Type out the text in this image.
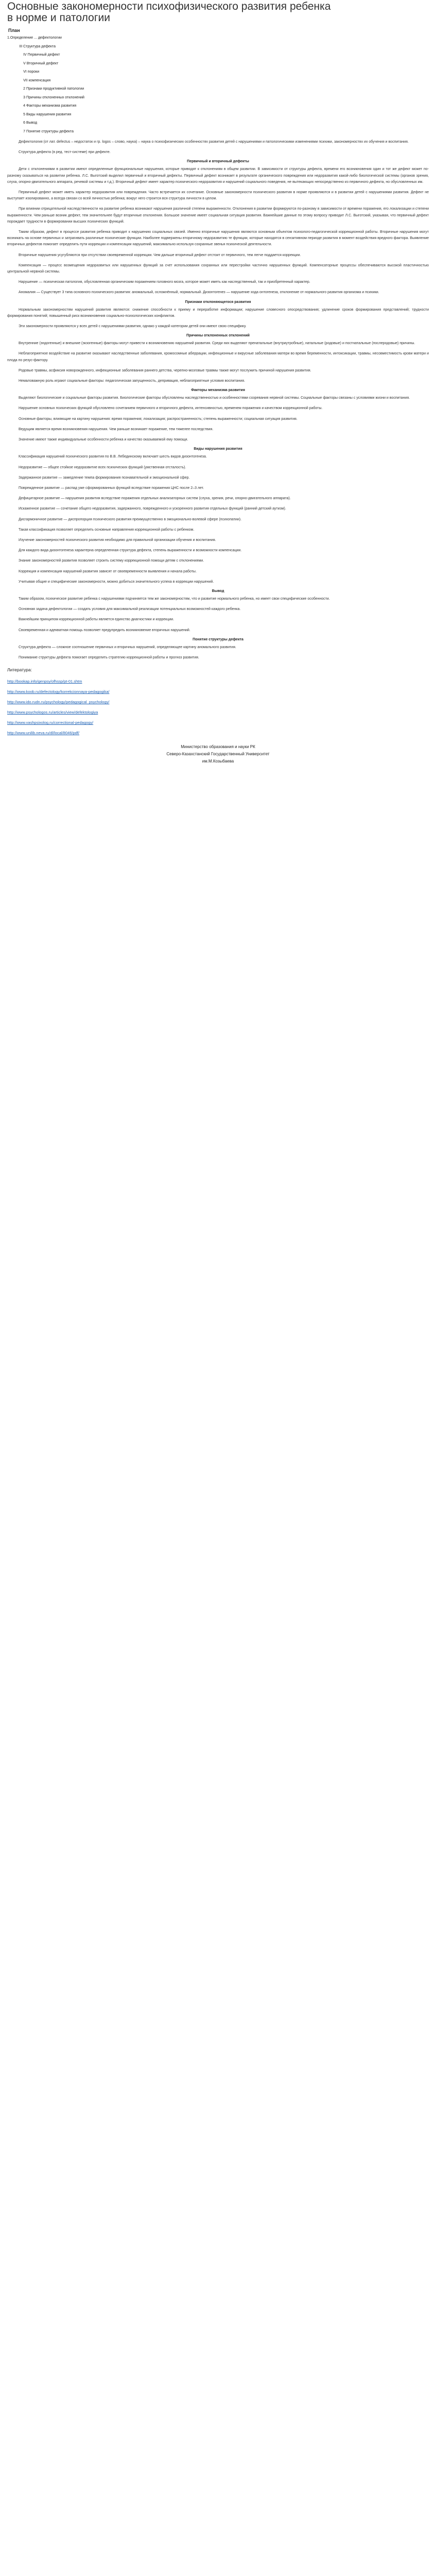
Основные закономерности психофизического развития ребенка
в норме и патологии
План
1.Определение ... дефектологии
III Структура дефекта
IV Первичный дефект
V Вторичный дефект
VI пороки
VII компенсация
2 Признаки продуктивной патологии
3 Причины отклоненных отклонений
4 Факторы механизма развития
5 Виды нарушения развития
6 Вывод
7 Понятие структуры дефекта

Дефектология (от лат. defectus – недостаток и гр. logos – слово, наука) – наука о психофизических особенностях развития детей с нарушениями и патологическими изменениями психики, закономерностях их обучения и воспитания.

Структура дефекта (в ред. тест-системе) при дефекте.

Первичный и вторичный дефекты

Дети с отклонениями в развитии имеют определенные функциональные нарушения, которые приводят к отклонениям в общем развитии. В зависимости от структуры дефекта, времени его возникновения один и тот же дефект может по-разному сказываться на развитии ребенка. Л.С. Выготский выделил первичный и вторичный дефекты. Первичный дефект возникает в результате органического повреждения или недоразвития какой-либо биологической системы (органов зрения, слуха, опорно-двигательного аппарата, речевой системы и т.д.). Вторичный дефект имеет характер психического недоразвития и нарушений социального поведения, не вытекающих непосредственно из первичного дефекта, но обусловленных им.

Первичный дефект может иметь характер недоразвития или повреждения. Часто встречается их сочетание. Основные закономерности психического развития в норме проявляются и в развитии детей с нарушениями развития. Дефект не выступает изолированно, а всегда связан со всей личностью ребенка; вокруг него строится вся структура личности в целом.

При влиянии отрицательной наследственности на развитие ребенка возникают нарушения различной степени выраженности. Отклонения в развитии формируются по-разному в зависимости от времени поражения, его локализации и степени выраженности. Чем раньше возник дефект, тем значительнее будут вторичные отклонения. Большое значение имеет социальная ситуация развития. Важнейшие данные по этому вопросу приводит Л.С. Выготский, указывая, что первичный дефект порождает трудности в формировании высших психических функций.

Таким образом, дефект в процессе развития ребенка приводит к нарушению социальных связей. Именно вторичные нарушения являются основным объектом психолого-педагогической коррекционной работы. Вторичные нарушения могут возникать на основе первичных и затрагивать различные психические функции. Наиболее подвержены вторичному недоразвитию те функции, которые находятся в сензитивном периоде развития в момент воздействия вредного фактора. Выявление вторичных дефектов помогает определить пути коррекции и компенсации нарушений, максимально используя сохранные звенья психической деятельности.

Вторичные нарушения усугубляются при отсутствии своевременной коррекции. Чем дальше вторичный дефект отстоит от первичного, тем легче поддается коррекции.

Компенсация — процесс возмещения недоразвитых или нарушенных функций за счет использования сохранных или перестройки частично нарушенных функций. Компенсаторные процессы обеспечиваются высокой пластичностью центральной нервной системы.

Нарушение — психическая патология, обусловленная органическим поражением головного мозга, которое может иметь как наследственный, так и приобретенный характер.

Аномалия — Существует 3 типа основного психического развития: аномальный, осложнённый, нормальный. Дизонтогенез — нарушение хода онтогенеза, отклонение от нормального развития организма и психики.

Признаки отклоняющегося развития

Нормальным закономерностям нарушений развития являются: снижение способности к приему и переработке информации; нарушение словесного опосредствования; удлинение сроков формирования представлений; трудности формирования понятий; повышенный риск возникновения социально-психологических конфликтов.

Эти закономерности проявляются у всех детей с нарушениями развития, однако у каждой категории детей они имеют свою специфику.

Причины отклоненных отклонений

Внутренние (эндогенные) и внешние (экзогенные) факторы могут привести к возникновению нарушений развития. Среди них выделяют пренатальные (внутриутробные), натальные (родовые) и постнатальные (послеродовые) причины.

Неблагоприятное воздействие на развитие оказывают наследственные заболевания, хромосомные аберрации, инфекционные и вирусные заболевания матери во время беременности, интоксикации, травмы, несовместимость крови матери и плода по резус-фактору.

Родовые травмы, асфиксия новорожденного, инфекционные заболевания раннего детства, черепно-мозговые травмы также могут послужить причиной нарушения развития.

Немаловажную роль играют социальные факторы: педагогическая запущенность, депривация, неблагоприятные условия воспитания.

Факторы механизма развития

Выделяют биологические и социальные факторы развития. Биологические факторы обусловлены наследственностью и особенностями созревания нервной системы. Социальные факторы связаны с условиями жизни и воспитания.

Нарушение основных психических функций обусловлено сочетанием первичного и вторичного дефекта, интенсивностью, временем поражения и качеством коррекционной работы.

Основные факторы, влияющие на картину нарушения: время поражения; локализация; распространенность; степень выраженности; социальная ситуация развития.

Ведущим является время возникновения нарушения. Чем раньше возникает поражение, тем тяжелее последствия.

Значение имеют также индивидуальные особенности ребенка и качество оказываемой ему помощи.

Виды нарушения развития

Классификация нарушений психического развития по В.В. Лебединскому включает шесть видов дизонтогенеза.

Недоразвитие — общее стойкое недоразвитие всех психических функций (умственная отсталость).

Задержанное развитие — замедление темпа формирования познавательной и эмоциональной сфер.

Поврежденное развитие — распад уже сформированных функций вследствие поражения ЦНС после 2–3 лет.

Дефицитарное развитие — нарушения развития вследствие поражения отдельных анализаторных систем (слуха, зрения, речи, опорно-двигательного аппарата).

Искаженное развитие — сочетание общего недоразвития, задержанного, поврежденного и ускоренного развития отдельных функций (ранний детский аутизм).

Дисгармоничное развитие — диспропорция психического развития преимущественно в эмоционально-волевой сфере (психопатии).

Такая классификация позволяет определить основные направления коррекционной работы с ребенком.

Изучение закономерностей психического развития необходимо для правильной организации обучения и воспитания.

Для каждого вида дизонтогенеза характерна определенная структура дефекта, степень выраженности и возможности компенсации.

Знание закономерностей развития позволяет строить систему коррекционной помощи детям с отклонениями.

Коррекция и компенсация нарушений развития зависят от своевременности выявления и начала работы.

Учитывая общие и специфические закономерности, можно добиться значительного успеха в коррекции нарушений.

Вывод

Таким образом, психическое развитие ребенка с нарушениями подчиняется тем же закономерностям, что и развитие нормального ребенка, но имеет свои специфические особенности.

Основная задача дефектологии — создать условия для максимальной реализации потенциальных возможностей каждого ребенка.

Важнейшим принципом коррекционной работы является единство диагностики и коррекции.

Своевременная и адекватная помощь позволяет предупредить возникновение вторичных нарушений.

Понятие структуры дефекта

Структура дефекта — сложное соотношение первичных и вторичных нарушений, определяющее картину аномального развития.

Понимание структуры дефекта помогает определить стратегию коррекционной работы и прогноз развития.

Литература:
http://bookap.info/genpsy/ofhssp/pt-01.shtm
http://www.koob.ru/defectology/korrekcionnaya-pedagogika/
http://www.ido.rudn.ru/psychology/pedagogical_psychology/
http://www.psychologos.ru/articles/view/defektologiya
http://www.vashpsixolog.ru/correctional-pedagogy/
http://www.unilib.neva.ru/dl/local/8046/pdf/
Министерство образования и науки РК
Северо-Казахстанский Государственный Университет
им.М.Козыбаева
